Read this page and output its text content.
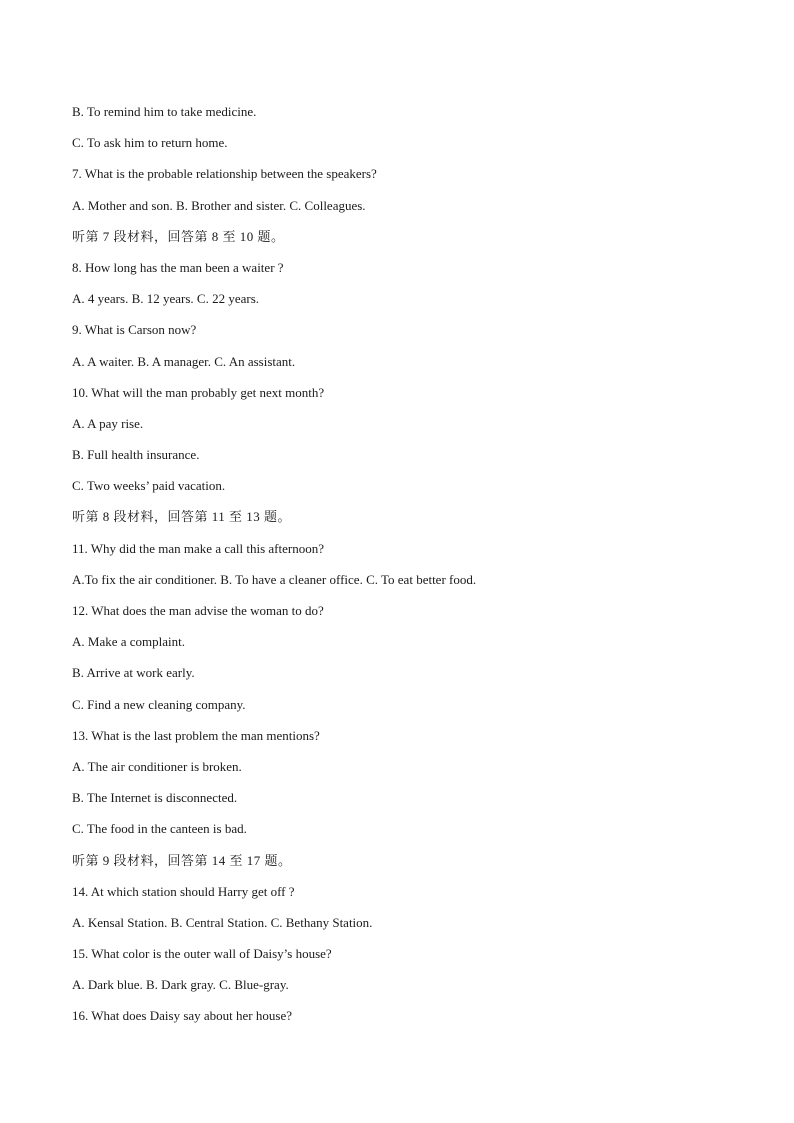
B. To remind him to take medicine.
C. To ask him to return home.
7. What is the probable relationship between the speakers?
A. Mother and son. B. Brother and sister. C. Colleagues.
听第 7 段材料，回答第 8 至 10 题。
8. How long has the man been a waiter ?
A. 4 years. B. 12 years. C. 22 years.
9. What is Carson now?
A. A waiter. B. A manager. C. An assistant.
10. What will the man probably get next month?
A. A pay rise.
B. Full health insurance.
C. Two weeks’ paid vacation.
听第 8 段材料，回答第 11 至 13 题。
11. Why did the man make a call this afternoon?
A.To fix the air conditioner. B. To have a cleaner office. C. To eat better food.
12. What does the man advise the woman to do?
A. Make a complaint.
B. Arrive at work early.
C. Find a new cleaning company.
13. What is the last problem the man mentions?
A. The air conditioner is broken.
B. The Internet is disconnected.
C. The food in the canteen is bad.
听第 9 段材料，回答第 14 至 17 题。
14. At which station should Harry get off ?
A. Kensal Station. B. Central Station. C. Bethany Station.
15. What color is the outer wall of Daisy’s house?
A. Dark blue. B. Dark gray. C. Blue-gray.
16. What does Daisy say about her house?
